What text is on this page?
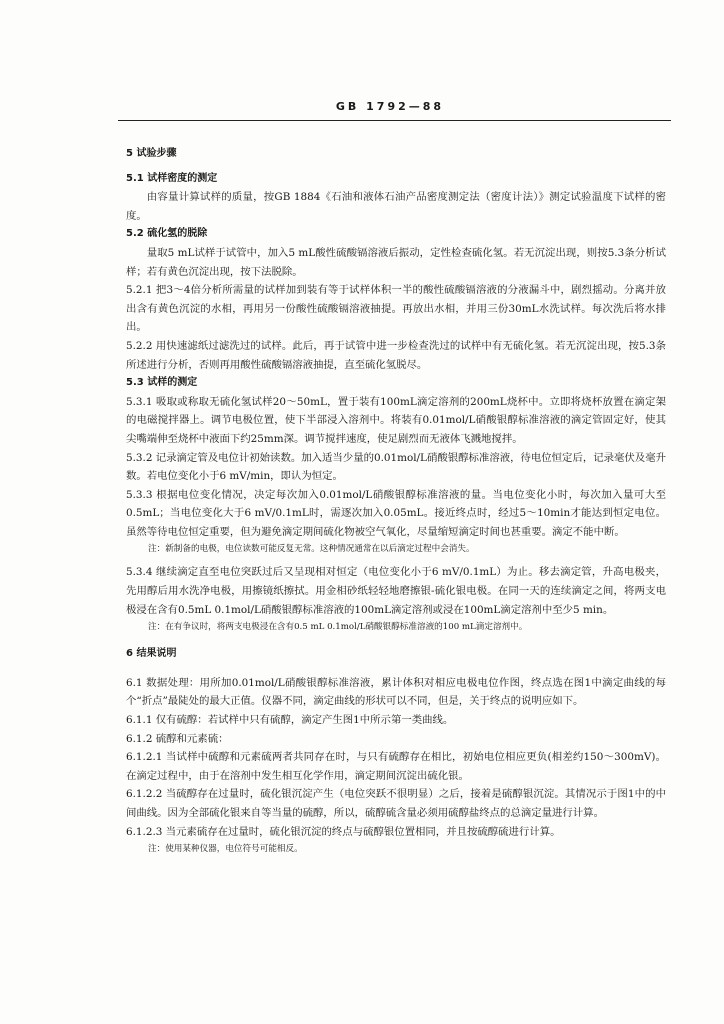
GB 1792—88

5 试验步骤

5.1 试样密度的测定

由容量计算试样的质量，按GB 1884《石油和液体石油产品密度测定法（密度计法）》测定试验温度下试样的密度。

5.2 硫化氢的脱除

量取5 mL试样于试管中，加入5 mL酸性硫酸镉溶液后振动，定性检查硫化氢。若无沉淀出现，则按5.3条分析试样；若有黄色沉淀出现，按下法脱除。

5.2.1 把3～4倍分析所需量的试样加到装有等于试样体积一半的酸性硫酸镉溶液的分液漏斗中，剧烈摇动。分离并放出含有黄色沉淀的水相，再用另一份酸性硫酸镉溶液抽提。再放出水相，并用三份30mL水洗试样。每次洗后将水排出。

5.2.2 用快速滤纸过滤洗过的试样。此后，再于试管中进一步检查洗过的试样中有无硫化氢。若无沉淀出现，按5.3条所述进行分析，否则再用酸性硫酸镉溶液抽提，直至硫化氢脱尽。

5.3 试样的测定

5.3.1 吸取或称取无硫化氢试样20～50mL，置于装有100mL滴定溶剂的200mL烧杯中。立即将烧杯放置在滴定架的电磁搅拌器上。调节电极位置，使下半部浸入溶剂中。将装有0.01mol/L硝酸银醇标准溶液的滴定管固定好，使其尖嘴端伸至烧杯中液面下约25mm深。调节搅拌速度，使足剧烈而无液体飞溅地搅拌。

5.3.2 记录滴定管及电位计初始读数。加入适当少量的0.01mol/L硝酸银醇标准溶液，待电位恒定后，记录毫伏及毫升数。若电位变化小于6 mV/min，即认为恒定。

5.3.3 根据电位变化情况，决定每次加入0.01mol/L硝酸银醇标准溶液的量。当电位变化小时，每次加入量可大至0.5mL；当电位变化大于6 mV/0.1mL时，需逐次加入0.05mL。接近终点时，经过5～10min才能达到恒定电位。虽然等待电位恒定重要，但为避免滴定期间硫化物被空气氧化，尽量缩短滴定时间也甚重要。滴定不能中断。

注：新制备的电极，电位读数可能反复无常。这种情况通常在以后滴定过程中会消失。

5.3.4 继续滴定直至电位突跃过后又呈现相对恒定（电位变化小于6 mV/0.1mL）为止。移去滴定管，升高电极夹，先用醇后用水洗净电极，用擦镜纸擦拭。用金相砂纸轻轻地磨擦银-硫化银电极。在同一天的连续滴定之间，将两支电极浸在含有0.5mL 0.1mol/L硝酸银醇标准溶液的100mL滴定溶剂或浸在100mL滴定溶剂中至少5 min。

注：在有争议时，将两支电极浸在含有0.5 mL 0.1mol/L硝酸银醇标准溶液的100 mL滴定溶剂中。

6 结果说明

6.1 数据处理：用所加0.01mol/L硝酸银醇标准溶液，累计体积对相应电极电位作图，终点选在图1中滴定曲线的每个“折点”最陡处的最大正值。仪器不同，滴定曲线的形状可以不同，但是，关于终点的说明应如下。

6.1.1 仅有硫醇：若试样中只有硫醇，滴定产生图1中所示第一类曲线。

6.1.2 硫醇和元素硫：

6.1.2.1 当试样中硫醇和元素硫两者共同存在时，与只有硫醇存在相比，初始电位相应更负(相差约150～300mV)。在滴定过程中，由于在溶剂中发生相互化学作用，滴定期间沉淀出硫化银。

6.1.2.2 当硫醇存在过量时，硫化银沉淀产生（电位突跃不很明显）之后，接着是硫醇银沉淀。其情况示于图1中的中间曲线。因为全部硫化银来自等当量的硫醇，所以，硫醇硫含量必须用硫醇盐终点的总滴定量进行计算。

6.1.2.3 当元素硫存在过量时，硫化银沉淀的终点与硫醇银位置相同，并且按硫醇硫进行计算。

注：使用某种仪器，电位符号可能相反。
